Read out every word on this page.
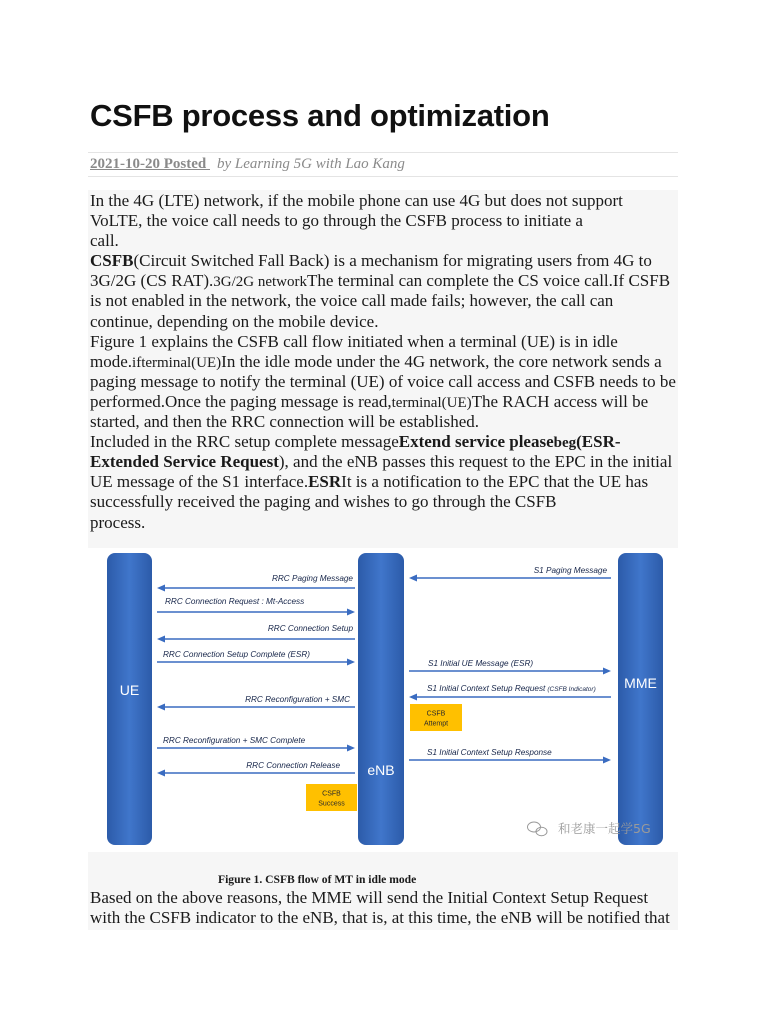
CSFB process and optimization
2021-10-20 Posted by Learning 5G with Lao Kang
In the 4G (LTE) network, if the mobile phone can use 4G but does not support
VoLTE, the voice call needs to go through the CSFB process to initiate a
call.
CSFB(Circuit Switched Fall Back) is a mechanism for migrating users from 4G to
3G/2G (CS RAT).3G/2G networkThe terminal can complete the CS voice call.If CSFB
is not enabled in the network, the voice call made fails; however, the call can
continue, depending on the mobile device.
Figure 1 explains the CSFB call flow initiated when a terminal (UE) is in idle
mode.ifterminal(UE)In the idle mode under the 4G network, the core network sends a
paging message to notify the terminal (UE) of voice call access and CSFB needs to be
performed.Once the paging message is read,terminal(UE)The RACH access will be
started, and then the RRC connection will be established.
Included in the RRC setup complete messageExtend service pleasebeg(ESR-
Extended Service Request), and the eNB passes this request to the EPC in the initial
UE message of the S1 interface.ESRIt is a notification to the EPC that the UE has
successfully received the paging and wishes to go through the CSFB
process.
UE
eNB
MME
RRC Paging Message
RRC Connection Request : Mt-Access
RRC Connection Setup
RRC Connection Setup Complete (ESR)
RRC Reconfiguration + SMC
RRC Reconfiguration + SMC Complete
RRC Connection Release
S1 Paging Message
S1 Initial UE Message (ESR)
S1 Initial Context Setup Request (CSFB Indicator)
S1 Initial Context Setup Response
CSFB
Attempt
CSFB
Success
和老康一起学5G
Figure 1. CSFB flow of MT in idle mode
Based on the above reasons, the MME will send the Initial Context Setup Request
with the CSFB indicator to the eNB, that is, at this time, the eNB will be notified that
